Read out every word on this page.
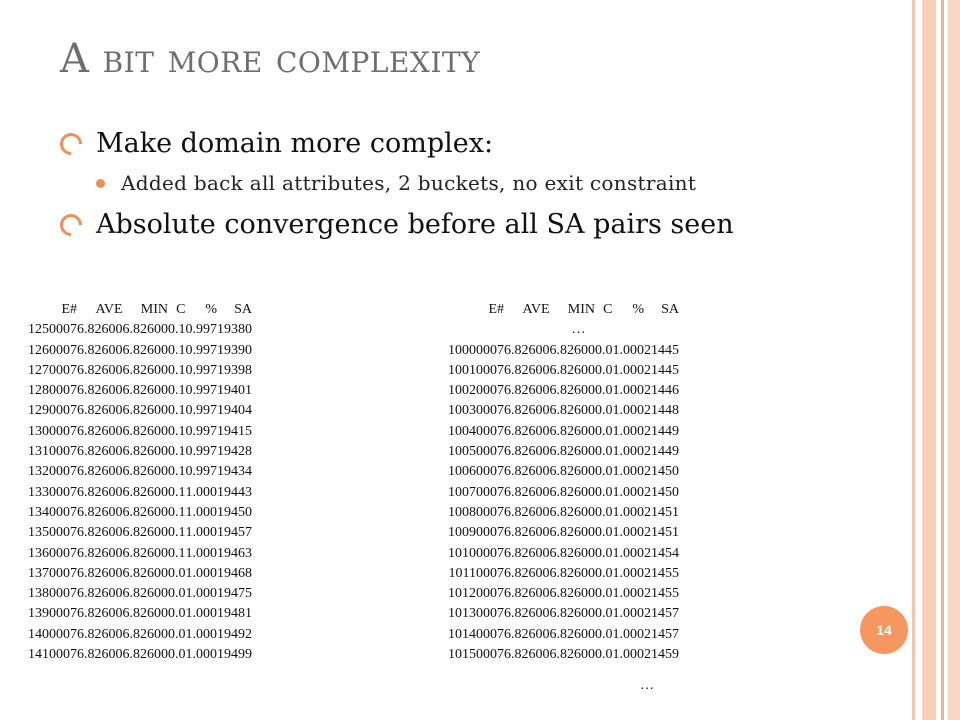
A bit more complexity
Make domain more complex:
Added back all attributes, 2 buckets, no exit constraint
Absolute convergence before all SA pairs seen
E	#	AVE	MIN	C	%	SA
125000	7	6.82600	6.82600	0.1	0.997	19380
126000	7	6.82600	6.82600	0.1	0.997	19390
127000	7	6.82600	6.82600	0.1	0.997	19398
128000	7	6.82600	6.82600	0.1	0.997	19401
129000	7	6.82600	6.82600	0.1	0.997	19404
130000	7	6.82600	6.82600	0.1	0.997	19415
131000	7	6.82600	6.82600	0.1	0.997	19428
132000	7	6.82600	6.82600	0.1	0.997	19434
133000	7	6.82600	6.82600	0.1	1.000	19443
134000	7	6.82600	6.82600	0.1	1.000	19450
135000	7	6.82600	6.82600	0.1	1.000	19457
136000	7	6.82600	6.82600	0.1	1.000	19463
137000	7	6.82600	6.82600	0.0	1.000	19468
138000	7	6.82600	6.82600	0.0	1.000	19475
139000	7	6.82600	6.82600	0.0	1.000	19481
140000	7	6.82600	6.82600	0.0	1.000	19492
141000	7	6.82600	6.82600	0.0	1.000	19499
E	#	AVE	MIN	C	%	SA
…						
1000000	7	6.82600	6.82600	0.0	1.000	21445
1001000	7	6.82600	6.82600	0.0	1.000	21445
1002000	7	6.82600	6.82600	0.0	1.000	21446
1003000	7	6.82600	6.82600	0.0	1.000	21448
1004000	7	6.82600	6.82600	0.0	1.000	21449
1005000	7	6.82600	6.82600	0.0	1.000	21449
1006000	7	6.82600	6.82600	0.0	1.000	21450
1007000	7	6.82600	6.82600	0.0	1.000	21450
1008000	7	6.82600	6.82600	0.0	1.000	21451
1009000	7	6.82600	6.82600	0.0	1.000	21451
1010000	7	6.82600	6.82600	0.0	1.000	21454
1011000	7	6.82600	6.82600	0.0	1.000	21455
1012000	7	6.82600	6.82600	0.0	1.000	21455
1013000	7	6.82600	6.82600	0.0	1.000	21457
1014000	7	6.82600	6.82600	0.0	1.000	21457
1015000	7	6.82600	6.82600	0.0	1.000	21459
…
14
